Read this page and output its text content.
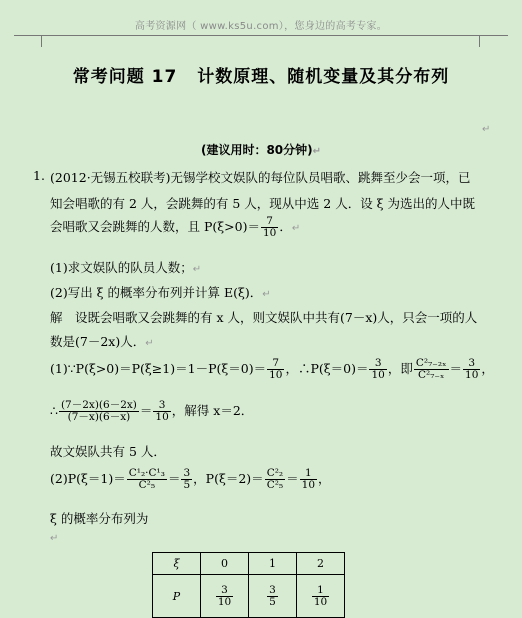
高考资源网（ www.ks5u.com），您身边的高考专家。
常考问题 17 计数原理、随机变量及其分布列
↵
(建议用时：80分钟)↵
1. (2012·无锡五校联考)无锡学校文娱队的每位队员唱歌、跳舞至少会一项，已
知会唱歌的有 2 人，会跳舞的有 5 人，现从中选 2 人．设 ξ 为选出的人中既
会唱歌又会跳舞的人数，且 $P(\xi>0)= \frac{7}{10}$ ．↵
(1)求文娱队的队员人数；↵
(2)写出 ξ 的概率分布列并计算 E(ξ)．↵
解　设既会唱歌又会跳舞的有 x 人，则文娱队中共有(7－x)人，只会一项的人
数是(7－2x)人．↵
(1)∵P(ξ>0)＝P(ξ≥1)＝1－P(ξ＝0)＝ $\frac{7}{10}$ ，∴P(ξ＝0)＝ $\frac{3}{10}$ ，即 $\frac{\text{C²₇₋₂ₓ}}{\text{C²₇₋ₓ}} = \frac{3}{10}$ ，
∴ $\frac{(7-2x)(6-2x)}{(7-x)(6-x)} = \frac{3}{10}$ ，解得 x＝2．
故文娱队共有 5 人．
$(2)P(\xi=1)= \frac{\text{C¹₂·C¹₃}}{\text{C²₅}} = \frac{3}{5}$ ，$P(\xi=2)= \frac{\text{C²₂}}{\text{C²₅}} = \frac{1}{10}$ ，
ξ 的概率分布列为
↵
ξ	0	1	2
P	$\frac{3}{10}$	$\frac{3}{5}$	$\frac{1}{10}$
